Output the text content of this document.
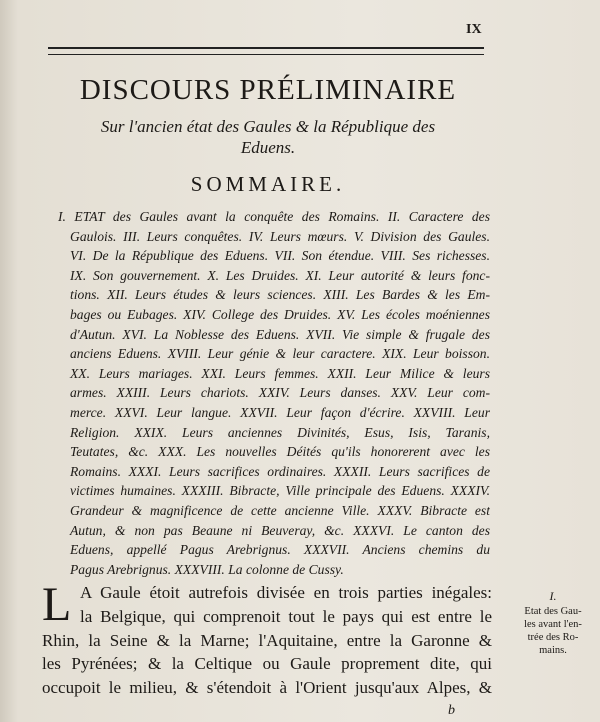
IX
DISCOURS PRÉLIMINAIRE
Sur l'ancien état des Gaules & la République des
Eduens.
SOMMAIRE.
I. ETAT des Gaules avant la conquête des Romains. II. Caractere des
Gaulois. III. Leurs conquêtes. IV. Leurs mœurs. V. Division des Gaules.
VI. De la République des Eduens. VII. Son étendue. VIII. Ses richesses.
IX. Son gouvernement. X. Les Druides. XI. Leur autorité & leurs fonc-
tions. XII. Leurs études & leurs sciences. XIII. Les Bardes & les Em-
bages ou Eubages. XIV. College des Druides. XV. Les écoles moéniennes
d'Autun. XVI. La Noblesse des Eduens. XVII. Vie simple & frugale des
anciens Eduens. XVIII. Leur génie & leur caractere. XIX. Leur boisson.
XX. Leurs mariages. XXI. Leurs femmes. XXII. Leur Milice & leurs
armes. XXIII. Leurs chariots. XXIV. Leurs danses. XXV. Leur com-
merce. XXVI. Leur langue. XXVII. Leur façon d'écrire. XXVIII. Leur
Religion. XXIX. Leurs anciennes Divinités, Esus, Isis, Taranis,
Teutates, &c. XXX. Les nouvelles Déités qu'ils honorerent avec les
Romains. XXXI. Leurs sacrifices ordinaires. XXXII. Leurs sacrifices de
victimes humaines. XXXIII. Bibracte, Ville principale des Eduens. XXXIV.
Grandeur & magnificence de cette ancienne Ville. XXXV. Bibracte est
Autun, & non pas Beaune ni Beuveray, &c. XXXVI. Le canton des
Eduens, appellé Pagus Arebrignus. XXXVII. Anciens chemins du
Pagus Arebrignus. XXXVIII. La colonne de Cussy.
L A Gaule étoit autrefois divisée en trois parties inégales:
la Belgique, qui comprenoit tout le pays qui est entre le
Rhin, la Seine & la Marne; l'Aquitaine, entre la Garonne &
les Pyrénées; & la Celtique ou Gaule proprement dite, qui
occupoit le milieu, & s'étendoit à l'Orient jusqu'aux Alpes, &
I.
Etat des Gau-
les avant l'en-
trée des Ro-
mains.
b
